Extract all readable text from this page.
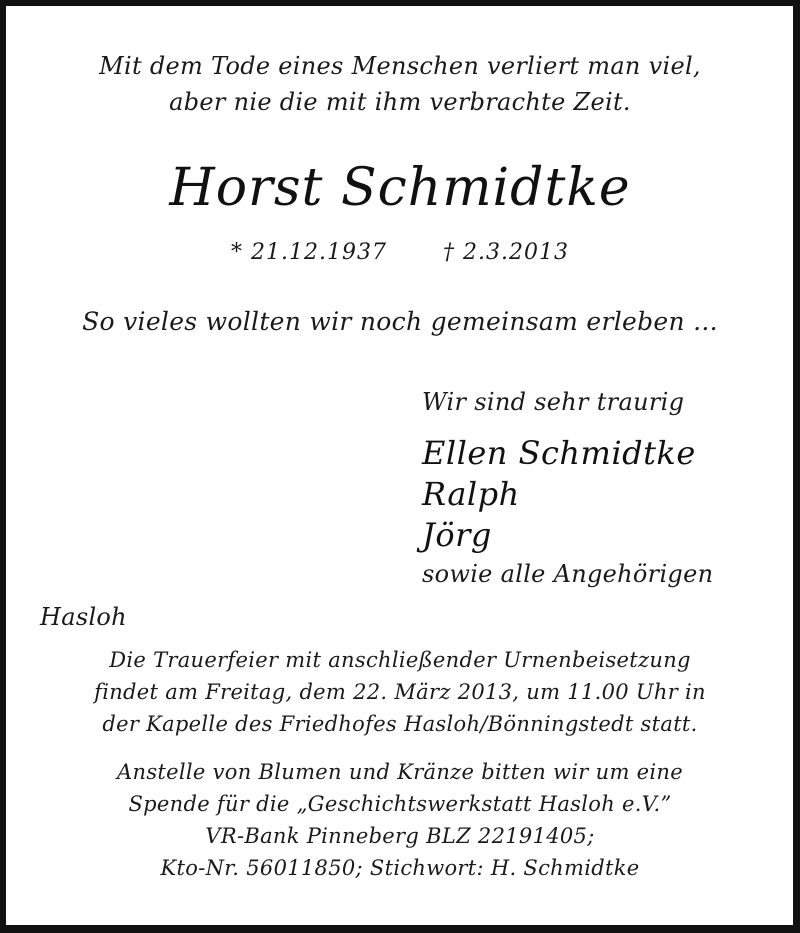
Mit dem Tode eines Menschen verliert man viel,
aber nie die mit ihm verbrachte Zeit.
Horst Schmidtke
* 21.12.1937	† 2.3.2013
So vieles wollten wir noch gemeinsam erleben ...
Wir sind sehr traurig
Ellen Schmidtke
Ralph
Jörg
sowie alle Angehörigen
Hasloh
Die Trauerfeier mit anschließender Urnenbeisetzung
findet am Freitag, dem 22. März 2013, um 11.00 Uhr in
der Kapelle des Friedhofes Hasloh/Bönningstedt statt.
Anstelle von Blumen und Kränze bitten wir um eine
Spende für die „Geschichtswerkstatt Hasloh e.V.”
VR-Bank Pinneberg BLZ 22191405;
Kto-Nr. 56011850; Stichwort: H. Schmidtke
